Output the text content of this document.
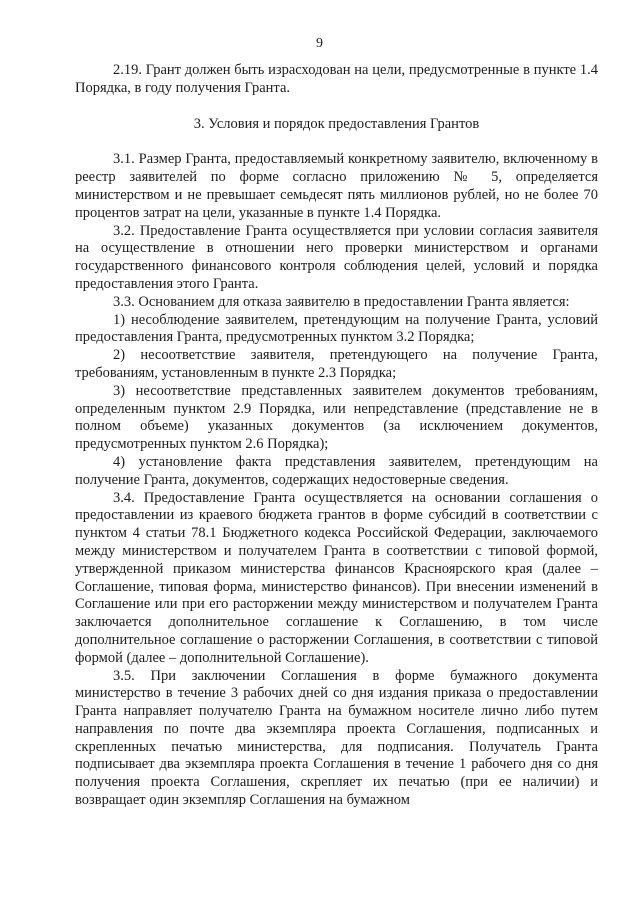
9

2.19. Грант должен быть израсходован на цели, предусмотренные в пункте 1.4 Порядка, в году получения Гранта.

3. Условия и порядок предоставления Грантов

3.1. Размер Гранта, предоставляемый конкретному заявителю, включенному в реестр заявителей по форме согласно приложению № 5, определяется министерством и не превышает семьдесят пять миллионов рублей, но не более 70 процентов затрат на цели, указанные в пункте 1.4 Порядка.

3.2. Предоставление Гранта осуществляется при условии согласия заявителя на осуществление в отношении него проверки министерством и органами государственного финансового контроля соблюдения целей, условий и порядка предоставления этого Гранта.

3.3. Основанием для отказа заявителю в предоставлении Гранта является:

1) несоблюдение заявителем, претендующим на получение Гранта, условий предоставления Гранта, предусмотренных пунктом 3.2 Порядка;

2) несоответствие заявителя, претендующего на получение Гранта, требованиям, установленным в пункте 2.3 Порядка;

3) несоответствие представленных заявителем документов требованиям, определенным пунктом 2.9 Порядка, или непредставление (представление не в полном объеме) указанных документов (за исключением документов, предусмотренных пунктом 2.6 Порядка);

4) установление факта представления заявителем, претендующим на получение Гранта, документов, содержащих недостоверные сведения.

3.4. Предоставление Гранта осуществляется на основании соглашения о предоставлении из краевого бюджета грантов в форме субсидий в соответствии с пунктом 4 статьи 78.1 Бюджетного кодекса Российской Федерации, заключаемого между министерством и получателем Гранта в соответствии с типовой формой, утвержденной приказом министерства финансов Красноярского края (далее – Соглашение, типовая форма, министерство финансов). При внесении изменений в Соглашение или при его расторжении между министерством и получателем Гранта заключается дополнительное соглашение к Соглашению, в том числе дополнительное соглашение о расторжении Соглашения, в соответствии с типовой формой (далее – дополнительной Соглашение).

3.5. При заключении Соглашения в форме бумажного документа министерство в течение 3 рабочих дней со дня издания приказа о предоставлении Гранта направляет получателю Гранта на бумажном носителе лично либо путем направления по почте два экземпляра проекта Соглашения, подписанных и скрепленных печатью министерства, для подписания. Получатель Гранта подписывает два экземпляра проекта Соглашения в течение 1 рабочего дня со дня получения проекта Соглашения, скрепляет их печатью (при ее наличии) и возвращает один экземпляр Соглашения на бумажном
